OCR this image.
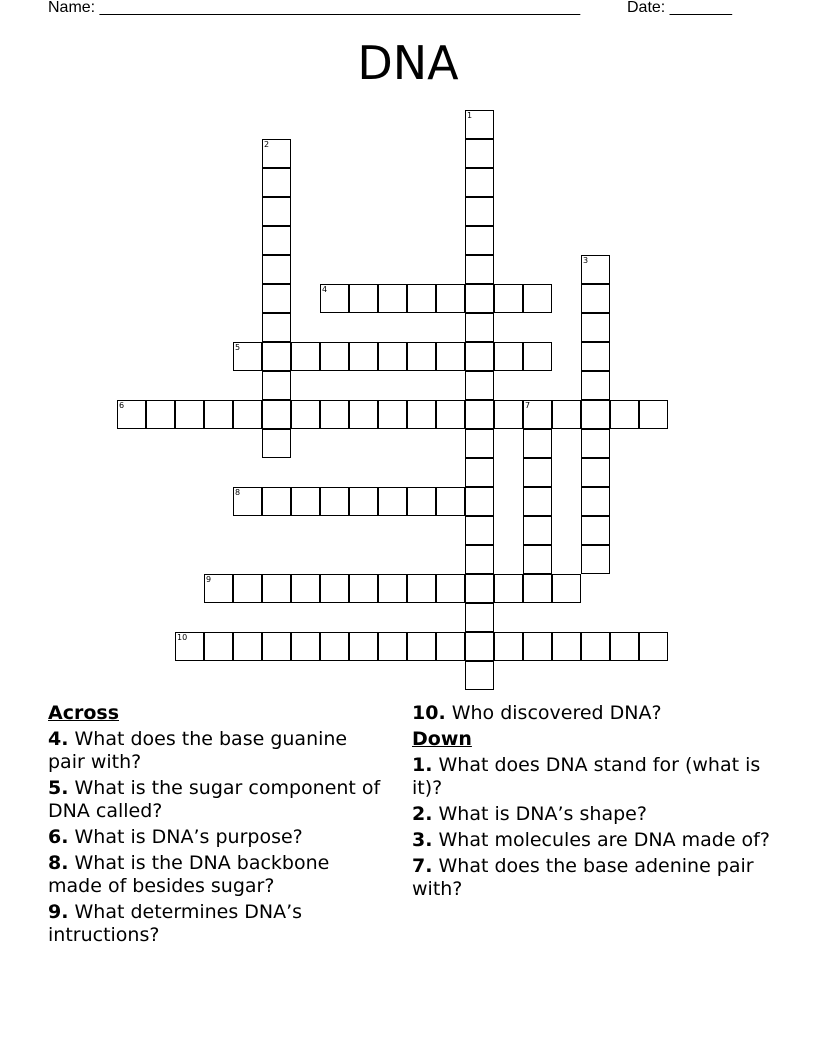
Name: ______________________________________________________	Date: _______
DNA
1
2
3
4
5
6	7
8
9
10
Across
4. What does the base guanine pair with?
5. What is the sugar component of DNA called?
6. What is DNA’s purpose?
8. What is the DNA backbone made of besides sugar?
9. What determines DNA’s intructions?
10. Who discovered DNA?
Down
1. What does DNA stand for (what is it)?
2. What is DNA’s shape?
3. What molecules are DNA made of?
7. What does the base adenine pair with?
